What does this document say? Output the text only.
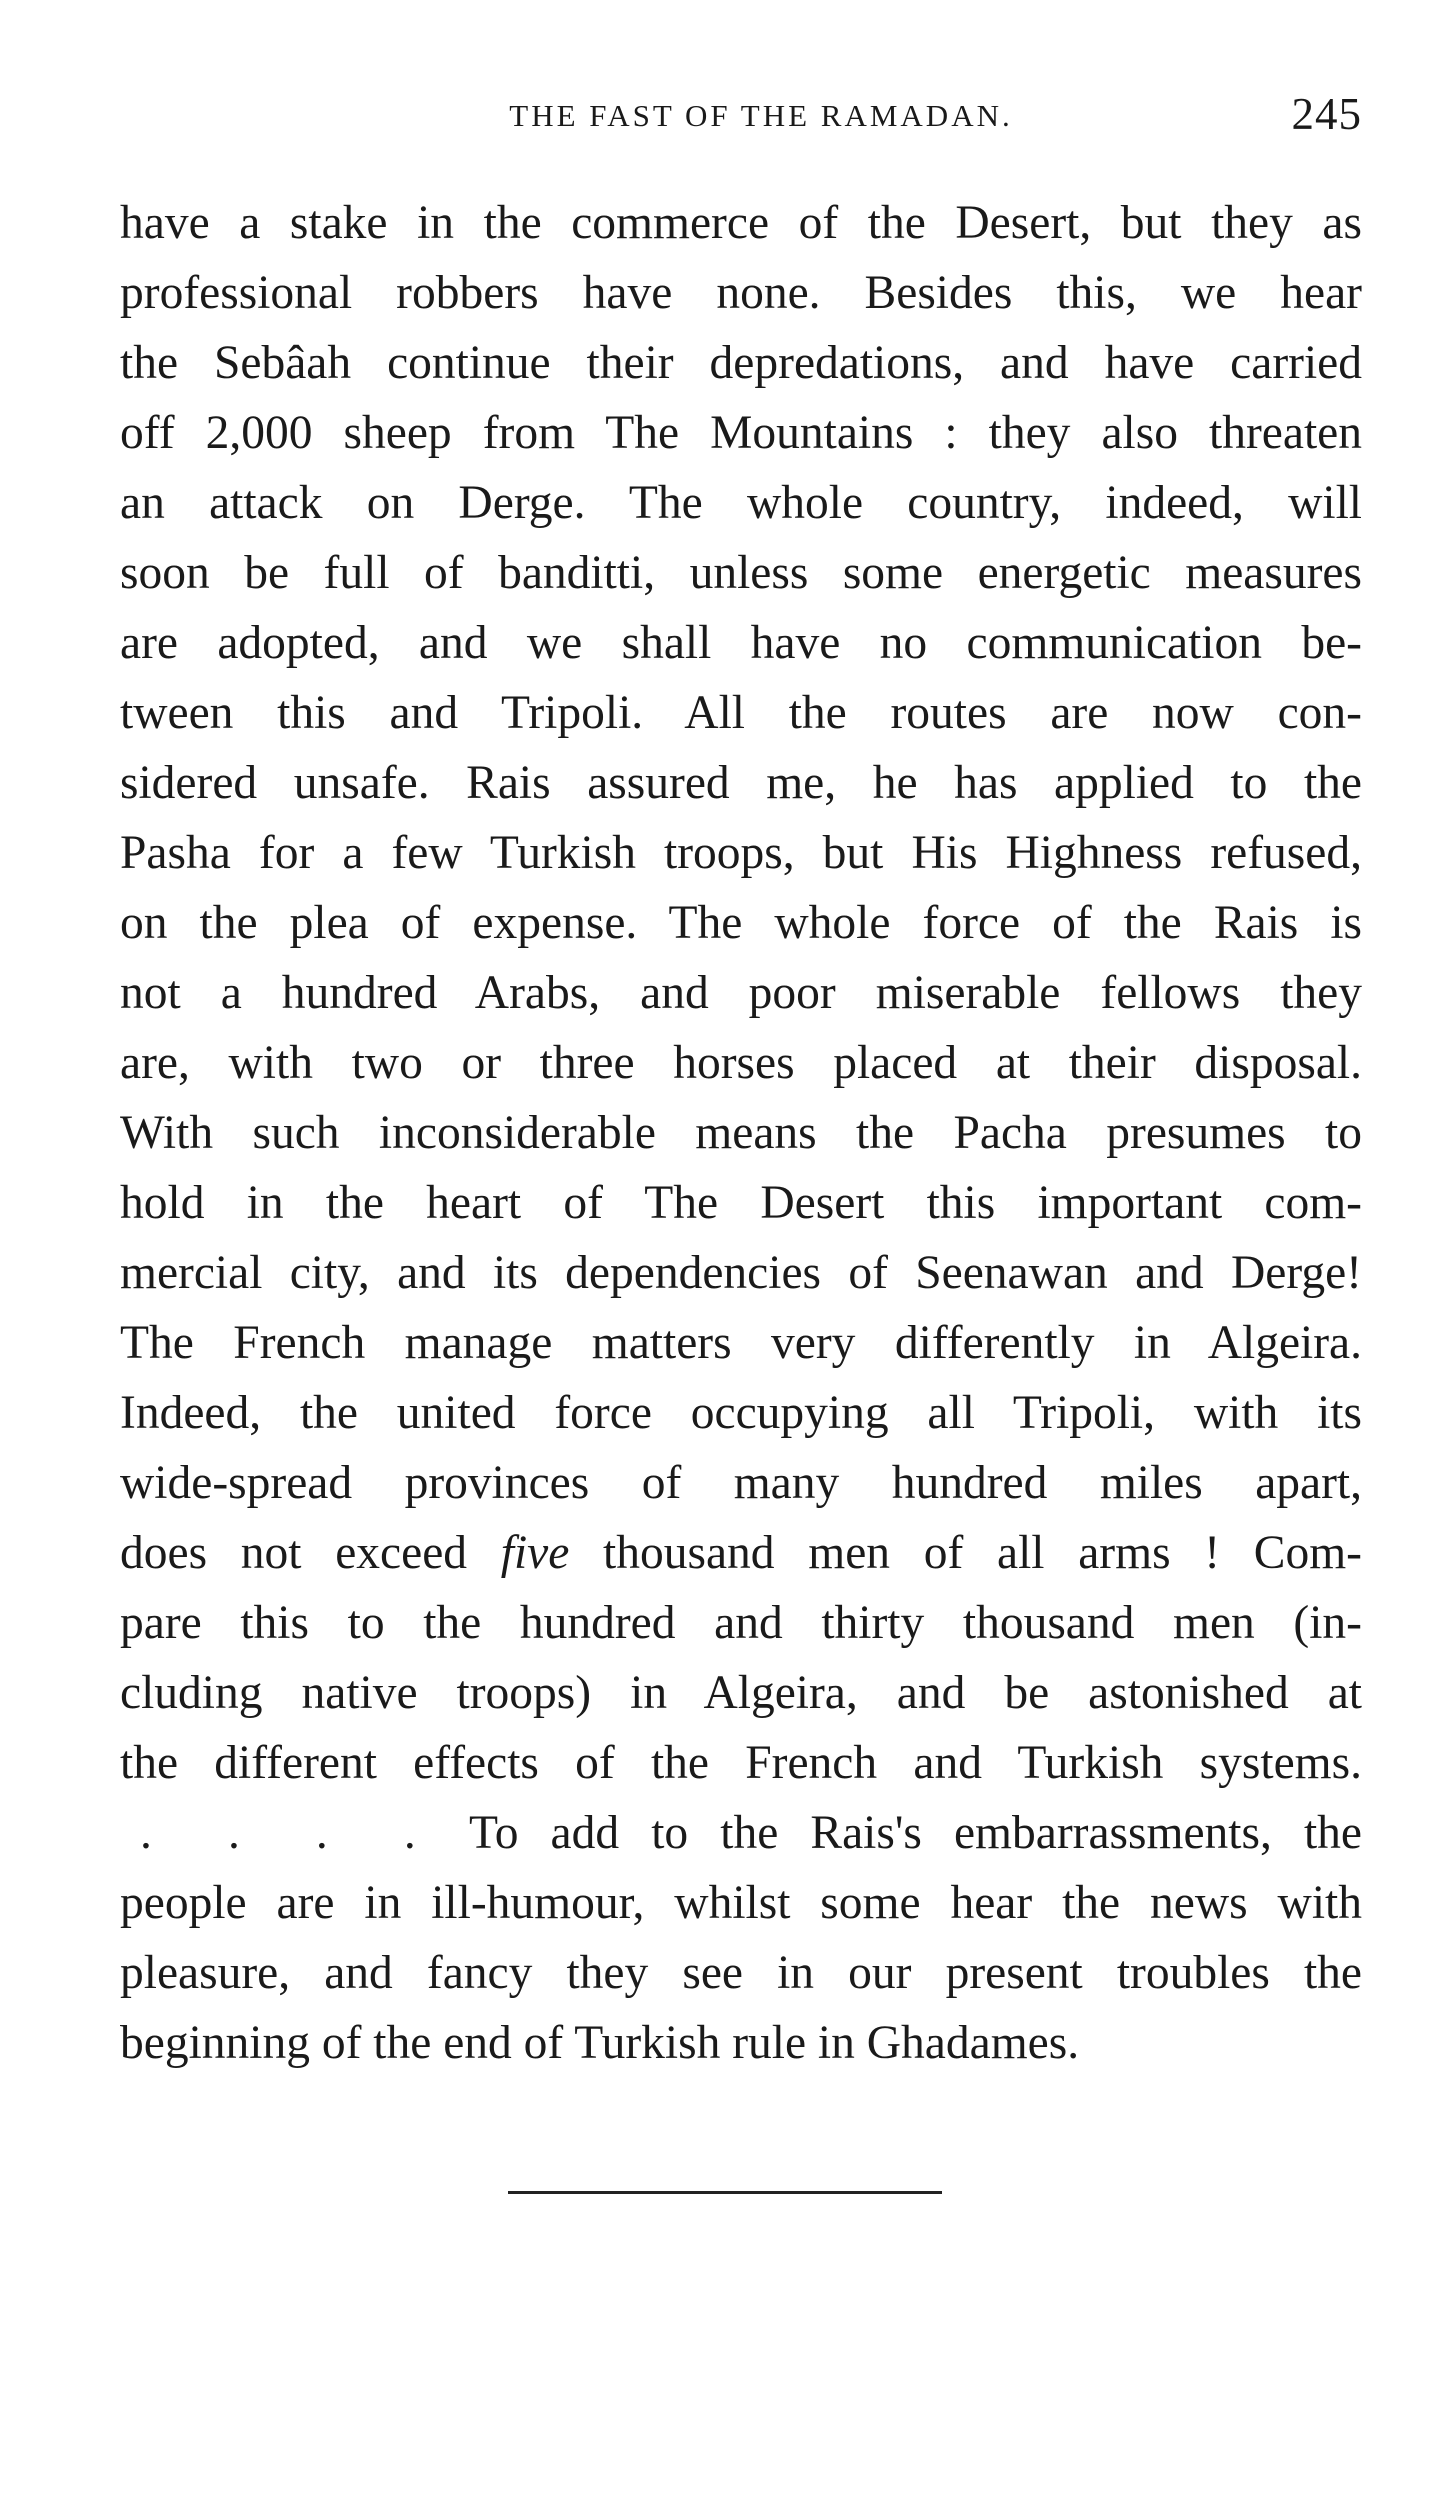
THE FAST OF THE RAMADAN.	245
have a stake in the commerce of the Desert, but they as
professional robbers have none. Besides this, we hear
the Sebâah continue their depredations, and have carried
off 2,000 sheep from The Mountains : they also threaten
an attack on Derge. The whole country, indeed, will
soon be full of banditti, unless some energetic measures
are adopted, and we shall have no communication be-
tween this and Tripoli. All the routes are now con-
sidered unsafe. Rais assured me, he has applied to the
Pasha for a few Turkish troops, but His Highness refused,
on the plea of expense. The whole force of the Rais is
not a hundred Arabs, and poor miserable fellows they
are, with two or three horses placed at their disposal.
With such inconsiderable means the Pacha presumes to
hold in the heart of The Desert this important com-
mercial city, and its dependencies of Seenawan and Derge!
The French manage matters very differently in Algeira.
Indeed, the united force occupying all Tripoli, with its
wide-spread provinces of many hundred miles apart,
does not exceed five thousand men of all arms ! Com-
pare this to the hundred and thirty thousand men (in-
cluding native troops) in Algeira, and be astonished at
the different effects of the French and Turkish systems.
. . . . To add to the Rais's embarrassments, the
people are in ill-humour, whilst some hear the news with
pleasure, and fancy they see in our present troubles the
beginning of the end of Turkish rule in Ghadames.
